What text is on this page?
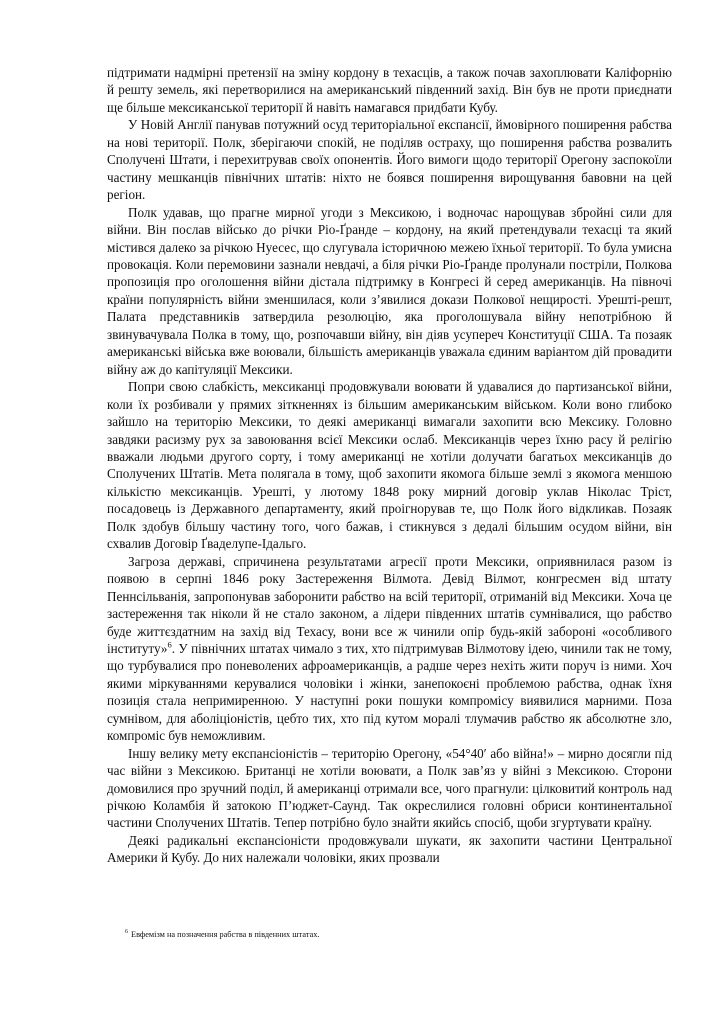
підтримати надмірні претензії на зміну кордону в техасців, а також почав захоплювати Каліфорнію й решту земель, які перетворилися на американський південний захід. Він був не проти приєднати ще більше мексиканської території й навіть намагався придбати Кубу.

У Новій Англії панував потужний осуд територіальної експансії, ймовірного поширення рабства на нові території. Полк, зберігаючи спокій, не поділяв остраху, що поширення рабства розвалить Сполучені Штати, і перехитрував своїх опонентів. Його вимоги щодо території Орегону заспокоїли частину мешканців північних штатів: ніхто не боявся поширення вирощування бавовни на цей регіон.

Полк удавав, що прагне мирної угоди з Мексикою, і водночас нарощував збройні сили для війни. Він послав військо до річки Ріо-Ґранде – кордону, на який претендували техасці та який містився далеко за річкою Нуесес, що слугувала історичною межею їхньої території. То була умисна провокація. Коли перемовини зазнали невдачі, а біля річки Ріо-Ґранде пролунали постріли, Полкова пропозиція про оголошення війни дістала підтримку в Конгресі й серед американців. На півночі країни популярність війни зменшилася, коли з’явилися докази Полкової нещирості. Урешті-решт, Палата представників затвердила резолюцію, яка проголошувала війну непотрібною й звинувачувала Полка в тому, що, розпочавши війну, він діяв усупереч Конституції США. Та позаяк американські війська вже воювали, більшість американців уважала єдиним варіантом дій провадити війну аж до капітуляції Мексики.

Попри свою слабкість, мексиканці продовжували воювати й удавалися до партизанської війни, коли їх розбивали у прямих зіткненнях із більшим американським військом. Коли воно глибоко зайшло на територію Мексики, то деякі американці вимагали захопити всю Мексику. Головно завдяки расизму рух за завоювання всієї Мексики ослаб. Мексиканців через їхню расу й релігію вважали людьми другого сорту, і тому американці не хотіли долучати багатьох мексиканців до Сполучених Штатів. Мета полягала в тому, щоб захопити якомога більше землі з якомога меншою кількістю мексиканців. Урешті, у лютому 1848 року мирний договір уклав Ніколас Тріст, посадовець із Державного департаменту, який проігнорував те, що Полк його відкликав. Позаяк Полк здобув більшу частину того, чого бажав, і стикнувся з дедалі більшим осудом війни, він схвалив Договір Ґваделупе-Ідальго.

Загроза державі, спричинена результатами агресії проти Мексики, оприявнилася разом із появою в серпні 1846 року Застереження Вілмота. Девід Вілмот, конгресмен від штату Пеннсільванія, запропонував заборонити рабство на всій території, отриманій від Мексики. Хоча це застереження так ніколи й не стало законом, а лідери південних штатів сумнівалися, що рабство буде життєздатним на захід від Техасу, вони все ж чинили опір будь-якій забороні «особливого інституту»$^6$. У північних штатах чимало з тих, хто підтримував Вілмотову ідею, чинили так не тому, що турбувалися про поневолених афроамериканців, а радше через нехіть жити поруч із ними. Хоч якими міркуваннями керувалися чоловіки і жінки, занепокоєні проблемою рабства, однак їхня позиція стала непримиренною. У наступні роки пошуки компромісу виявилися марними. Поза сумнівом, для аболіціоністів, цебто тих, хто під кутом моралі тлумачив рабство як абсолютне зло, компроміс був неможливим.

Іншу велику мету експансіоністів – територію Орегону, «54°40′ або війна!» – мирно досягли під час війни з Мексикою. Британці не хотіли воювати, а Полк зав’яз у війні з Мексикою. Сторони домовилися про зручний поділ, й американці отримали все, чого прагнули: цілковитий контроль над річкою Коламбія й затокою П’юджет-Саунд. Так окреслилися головні обриси континентальної частини Сполучених Штатів. Тепер потрібно було знайти якийсь спосіб, щоби згуртувати країну.

Деякі радикальні експансіоністи продовжували шукати, як захопити частини Центральної Америки й Кубу. До них належали чоловіки, яких прозвали

$^6$ Евфемізм на позначення рабства в південних штатах.
